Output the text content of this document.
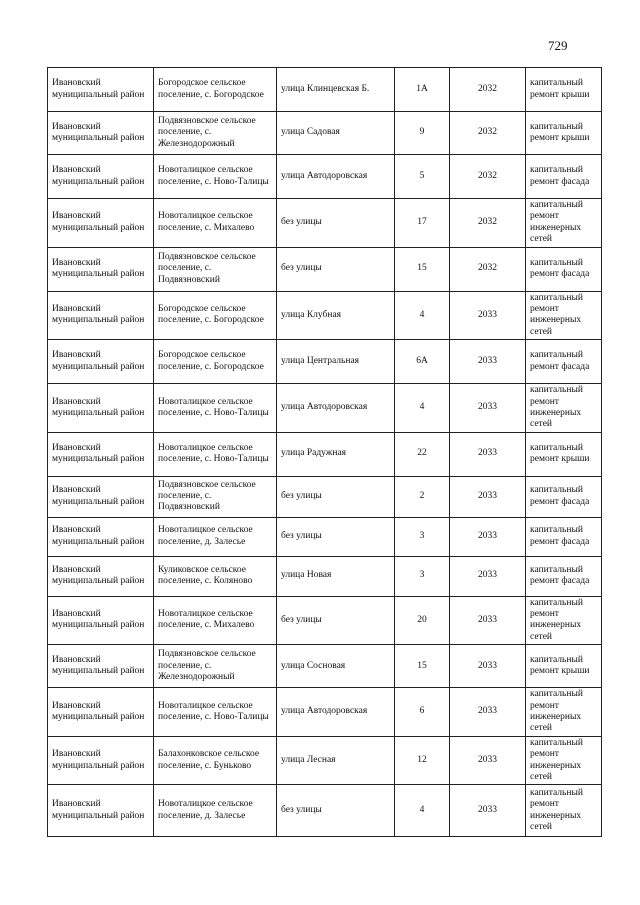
729
Ивановский муниципальный район	Богородское сельское поселение, с. Богородское	улица Клинцевская Б.	1А	2032	капитальный ремонт крыши
Ивановский муниципальный район	Подвязновское сельское поселение, с. Железнодорожный	улица Садовая	9	2032	капитальный ремонт крыши
Ивановский муниципальный район	Новоталицкое сельское поселение, с. Ново-Талицы	улица Автодоровская	5	2032	капитальный ремонт фасада
Ивановский муниципальный район	Новоталицкое сельское поселение, с. Михалево	без улицы	17	2032	капитальный ремонт инженерных сетей
Ивановский муниципальный район	Подвязновское сельское поселение, с. Подвязновский	без улицы	15	2032	капитальный ремонт фасада
Ивановский муниципальный район	Богородское сельское поселение, с. Богородское	улица Клубная	4	2033	капитальный ремонт инженерных сетей
Ивановский муниципальный район	Богородское сельское поселение, с. Богородское	улица Центральная	6А	2033	капитальный ремонт фасада
Ивановский муниципальный район	Новоталицкое сельское поселение, с. Ново-Талицы	улица Автодоровская	4	2033	капитальный ремонт инженерных сетей
Ивановский муниципальный район	Новоталицкое сельское поселение, с. Ново-Талицы	улица Радужная	22	2033	капитальный ремонт крыши
Ивановский муниципальный район	Подвязновское сельское поселение, с. Подвязновский	без улицы	2	2033	капитальный ремонт фасада
Ивановский муниципальный район	Новоталицкое сельское поселение, д. Залесье	без улицы	3	2033	капитальный ремонт фасада
Ивановский муниципальный район	Куликовское сельское поселение, с. Коляново	улица Новая	3	2033	капитальный ремонт фасада
Ивановский муниципальный район	Новоталицкое сельское поселение, с. Михалево	без улицы	20	2033	капитальный ремонт инженерных сетей
Ивановский муниципальный район	Подвязновское сельское поселение, с. Железнодорожный	улица Сосновая	15	2033	капитальный ремонт крыши
Ивановский муниципальный район	Новоталицкое сельское поселение, с. Ново-Талицы	улица Автодоровская	6	2033	капитальный ремонт инженерных сетей
Ивановский муниципальный район	Балахонковское сельское поселение, с. Буньково	улица Лесная	12	2033	капитальный ремонт инженерных сетей
Ивановский муниципальный район	Новоталицкое сельское поселение, д. Залесье	без улицы	4	2033	капитальный ремонт инженерных сетей
